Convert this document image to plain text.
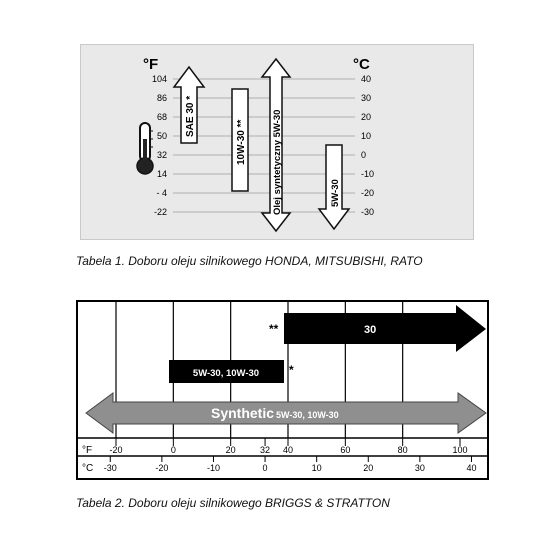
°F	°C
104
86
68
50
32
14
- 4
-22
40
30
20
10
0
-10
-20
-30
SAE 30 *
10W-30 **	Olej syntetyczny 5W-30	5W-30
Tabela 1. Doboru oleju silnikowego HONDA, MITSUBISHI, RATO
30
**
5W-30, 10W-30 *
Synthetic 5W-30, 10W-30
°F
°C
-20	0	20	32 40	60	80	100
-30	-20	-10	0	10	20	30	40
Tabela 2. Doboru oleju silnikowego BRIGGS & STRATTON
